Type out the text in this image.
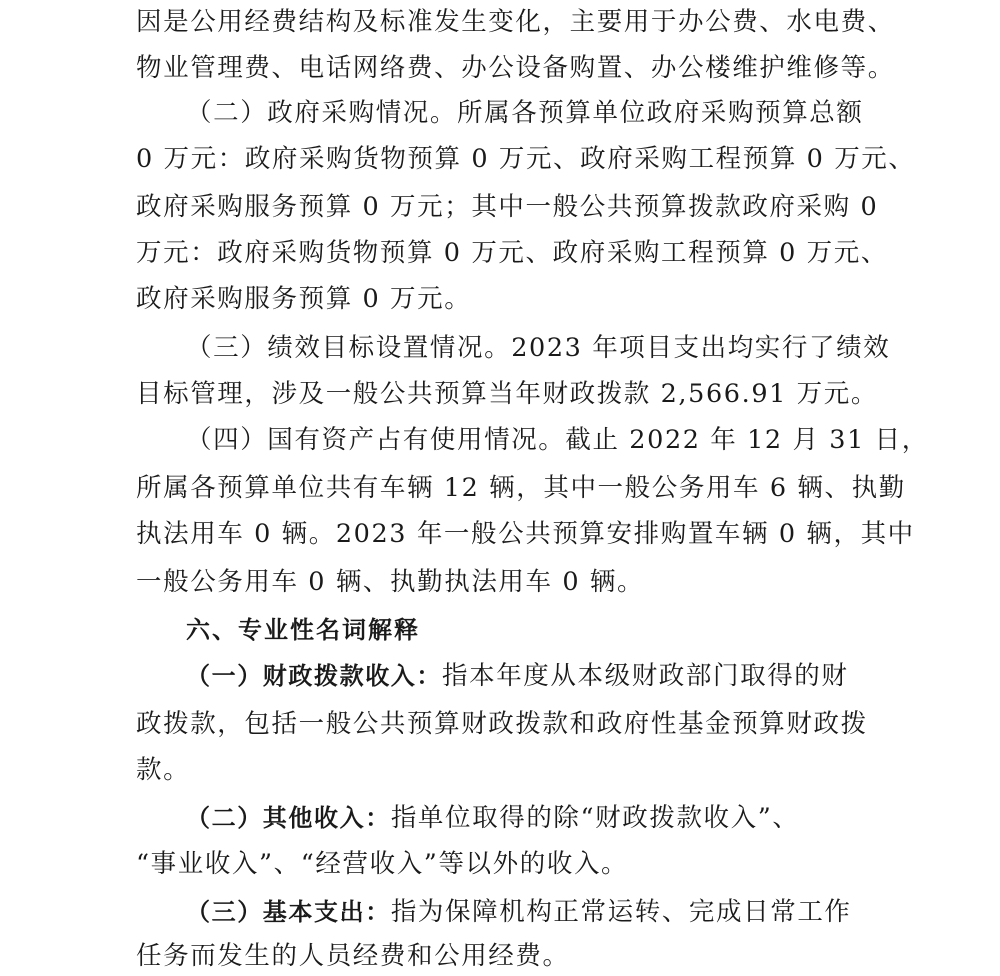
因是公用经费结构及标准发生变化，主要用于办公费、水电费、
物业管理费、电话网络费、办公设备购置、办公楼维护维修等。
（二）政府采购情况。所属各预算单位政府采购预算总额
0 万元：政府采购货物预算 0 万元、政府采购工程预算 0 万元、
政府采购服务预算 0 万元；其中一般公共预算拨款政府采购 0
万元：政府采购货物预算 0 万元、政府采购工程预算 0 万元、
政府采购服务预算 0 万元。
（三）绩效目标设置情况。2023 年项目支出均实行了绩效
目标管理，涉及一般公共预算当年财政拨款 2,566.91 万元。
（四）国有资产占有使用情况。截止 2022 年 12 月 31 日，
所属各预算单位共有车辆 12 辆，其中一般公务用车 6 辆、执勤
执法用车 0 辆。2023 年一般公共预算安排购置车辆 0 辆，其中
一般公务用车 0 辆、执勤执法用车 0 辆。
六、专业性名词解释
（一）财政拨款收入：指本年度从本级财政部门取得的财
政拨款，包括一般公共预算财政拨款和政府性基金预算财政拨
款。
（二）其他收入：指单位取得的除“财政拨款收入”、
“事业收入”、“经营收入”等以外的收入。
（三）基本支出：指为保障机构正常运转、完成日常工作
任务而发生的人员经费和公用经费。
